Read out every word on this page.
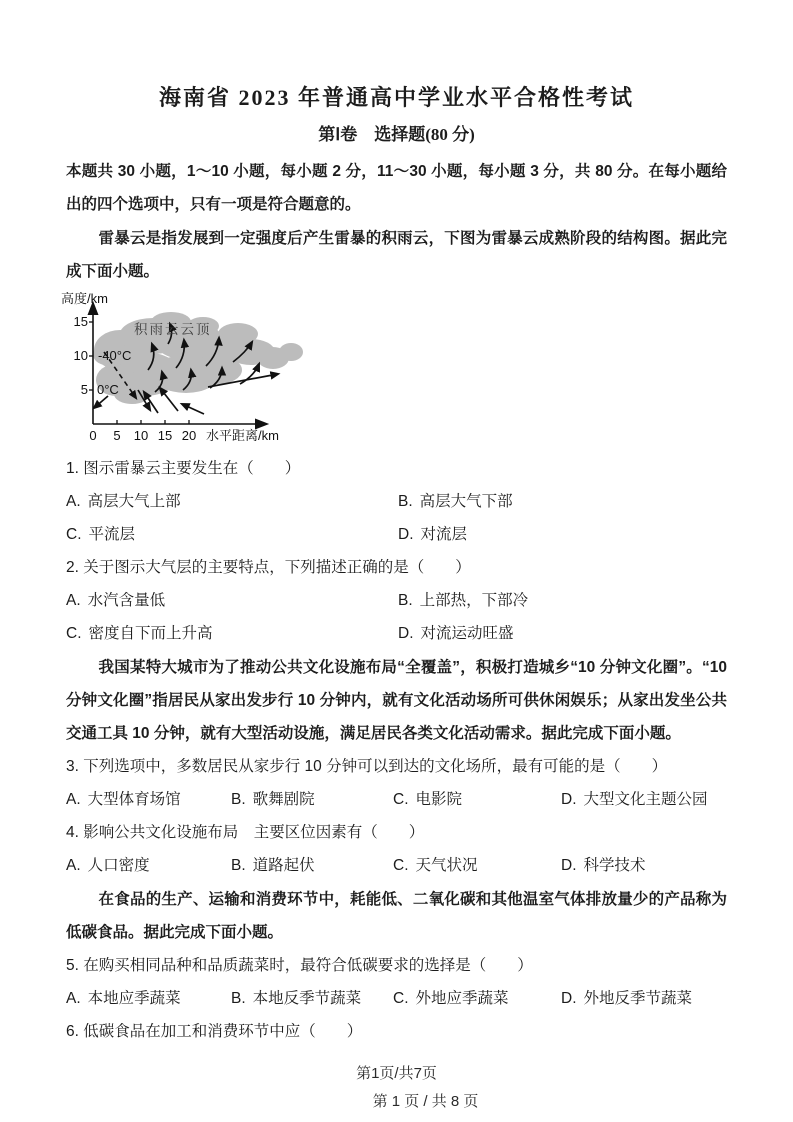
海南省 2023 年普通高中学业水平合格性考试
第Ⅰ卷　选择题(80 分)
本题共 30 小题，1～10 小题，每小题 2 分，11～30 小题，每小题 3 分，共 80 分。在每小题给出的四个选项中，只有一项是符合题意的。
雷暴云是指发展到一定强度后产生雷暴的积雨云，下图为雷暴云成熟阶段的结构图。据此完成下面小题。
高度/km
15
10
5
0 5 10 15 20 水平距离/km
积雨云云顶
-40°C
0°C
1. 图示雷暴云主要发生在（　　）
A. 高层大气上部	B. 高层大气下部
C. 平流层	D. 对流层
2. 关于图示大气层的主要特点，下列描述正确的是（　　）
A. 水汽含量低	B. 上部热，下部冷
C. 密度自下而上升高	D. 对流运动旺盛
我国某特大城市为了推动公共文化设施布局“全覆盖”，积极打造城乡“10 分钟文化圈”。“10 分钟文化圈”指居民从家出发步行 10 分钟内，就有文化活动场所可供休闲娱乐；从家出发坐公共交通工具 10 分钟，就有大型活动设施，满足居民各类文化活动需求。据此完成下面小题。
3. 下列选项中，多数居民从家步行 10 分钟可以到达的文化场所，最有可能的是（　　）
A. 大型体育场馆	B. 歌舞剧院	C. 电影院	D. 大型文化主题公园
4. 影响公共文化设施布局　主要区位因素有（　　）
A. 人口密度	B. 道路起伏	C. 天气状况	D. 科学技术
在食品的生产、运输和消费环节中，耗能低、二氧化碳和其他温室气体排放量少的产品称为低碳食品。据此完成下面小题。
5. 在购买相同品种和品质蔬菜时，最符合低碳要求的选择是（　　）
A. 本地应季蔬菜	B. 本地反季节蔬菜	C. 外地应季蔬菜	D. 外地反季节蔬菜
6. 低碳食品在加工和消费环节中应（　　）
第1页/共7页
第 1 页 / 共 8 页
